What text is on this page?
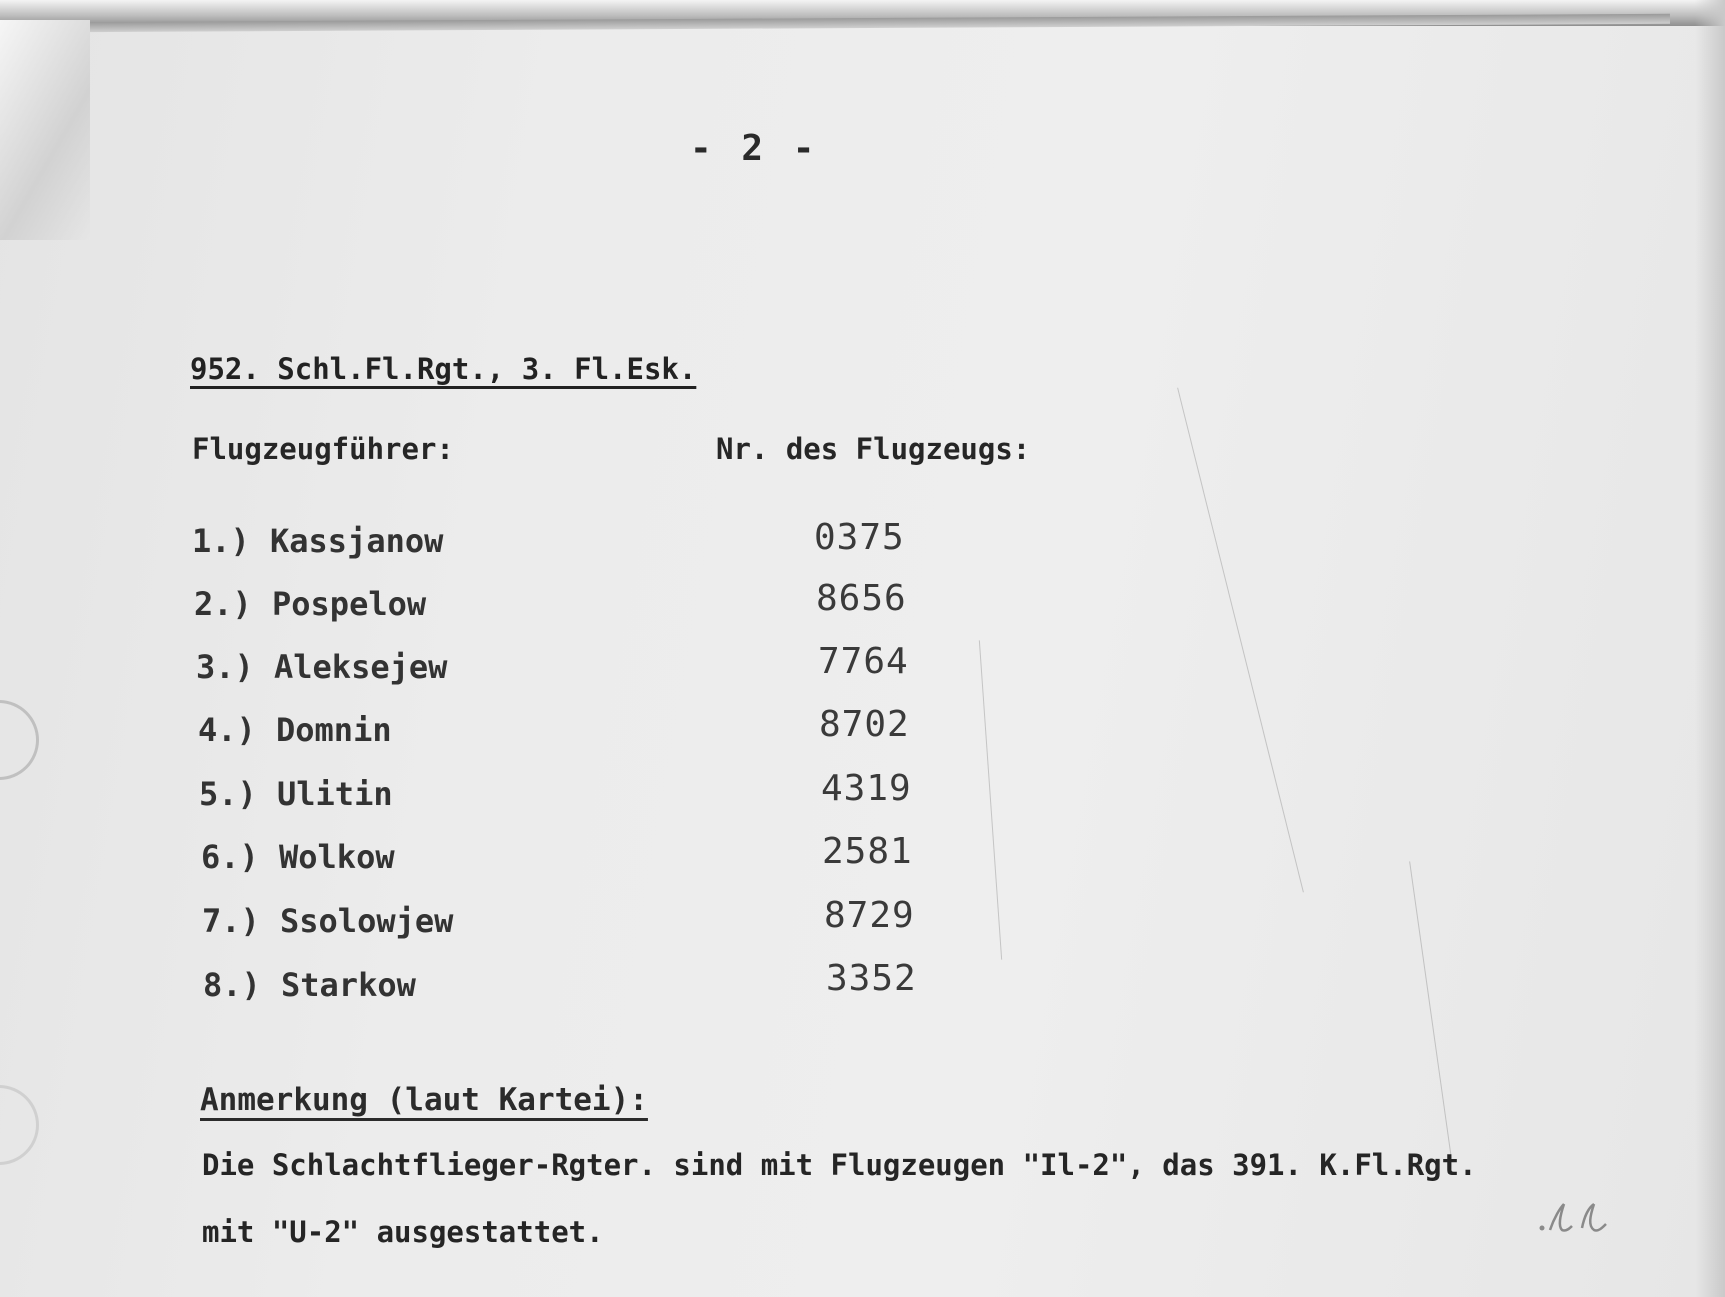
- 2 -
952. Schl.Fl.Rgt., 3. Fl.Esk.
Flugzeugführer:	Nr. des Flugzeugs:
1.) Kassjanow	0375
2.) Pospelow	8656
3.) Aleksejew	7764
4.) Domnin	8702
5.) Ulitin	4319
6.) Wolkow	2581
7.) Ssolowjew	8729
8.) Starkow	3352
Anmerkung (laut Kartei):
Die Schlachtflieger-Rgter. sind mit Flugzeugen "Il-2", das 391. K.Fl.Rgt.
mit "U-2" ausgestattet.
